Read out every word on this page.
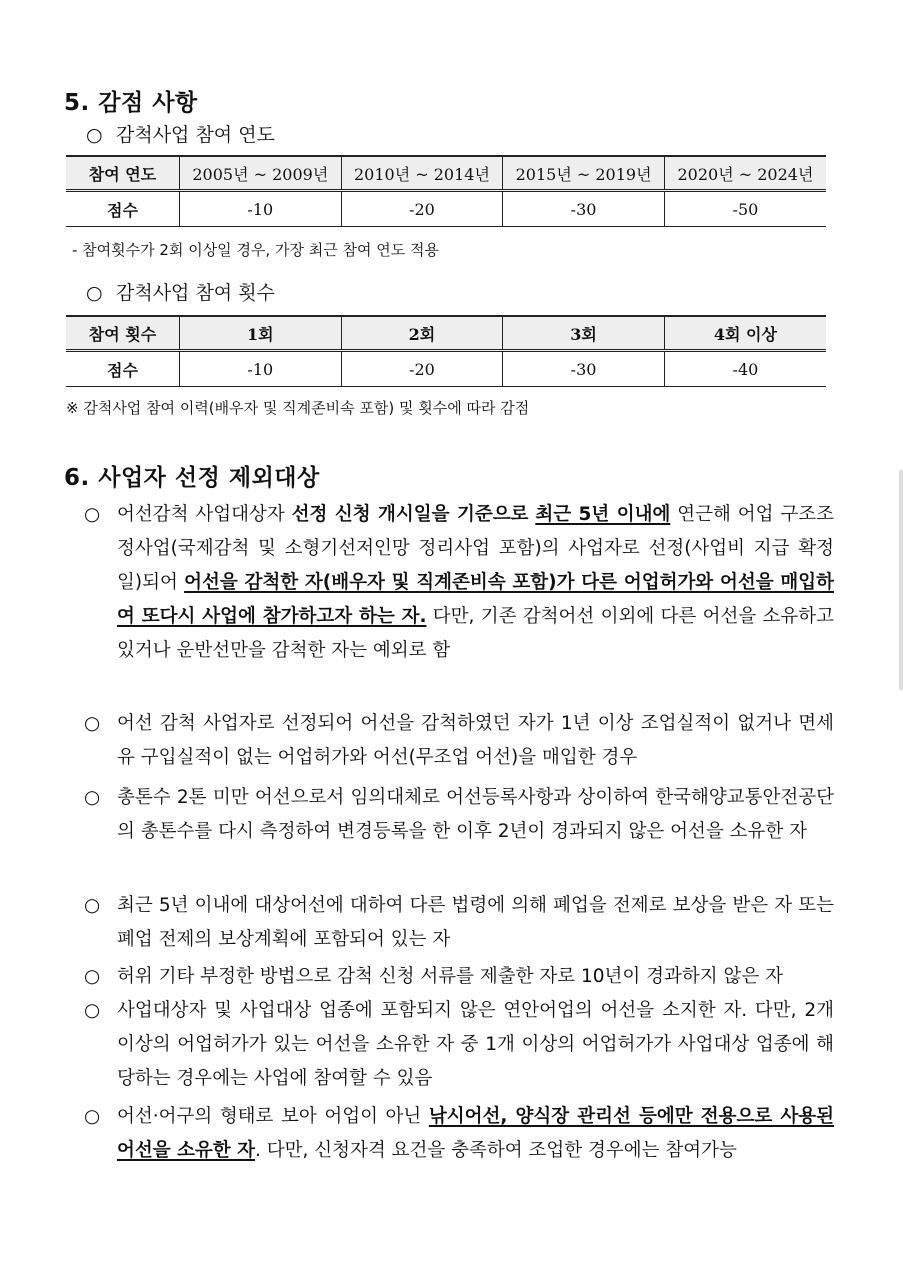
5. 감점 사항

○ 감척사업 참여 연도

참여 연도	2005년 ~ 2009년	2010년 ~ 2014년	2015년 ~ 2019년	2020년 ~ 2024년
점수	-10	-20	-30	-50

- 참여횟수가 2회 이상일 경우, 가장 최근 참여 연도 적용

○ 감척사업 참여 횟수

참여 횟수	1회	2회	3회	4회 이상
점수	-10	-20	-30	-40

※ 감척사업 참여 이력(배우자 및 직계존비속 포함) 및 횟수에 따라 감점

6. 사업자 선정 제외대상
○ 어선감척 사업대상자 선정 신청 개시일을 기준으로 최근 5년 이내에 연근해 어업 구조조정사업(국제감척 및 소형기선저인망 정리사업 포함)의 사업자로 선정(사업비 지급 확정일)되어 어선을 감척한 자(배우자 및 직계존비속 포함)가 다른 어업허가와 어선을 매입하여 또다시 사업에 참가하고자 하는 자. 다만, 기존 감척어선 이외에 다른 어선을 소유하고 있거나 운반선만을 감척한 자는 예외로 함
○ 어선 감척 사업자로 선정되어 어선을 감척하였던 자가 1년 이상 조업실적이 없거나 면세유 구입실적이 없는 어업허가와 어선(무조업 어선)을 매입한 경우
○ 총톤수 2톤 미만 어선으로서 임의대체로 어선등록사항과 상이하여 한국해양교통안전공단의 총톤수를 다시 측정하여 변경등록을 한 이후 2년이 경과되지 않은 어선을 소유한 자
○ 최근 5년 이내에 대상어선에 대하여 다른 법령에 의해 폐업을 전제로 보상을 받은 자 또는 폐업 전제의 보상계획에 포함되어 있는 자
○ 허위 기타 부정한 방법으로 감척 신청 서류를 제출한 자로 10년이 경과하지 않은 자
○ 사업대상자 및 사업대상 업종에 포함되지 않은 연안어업의 어선을 소지한 자. 다만, 2개 이상의 어업허가가 있는 어선을 소유한 자 중 1개 이상의 어업허가가 사업대상 업종에 해당하는 경우에는 사업에 참여할 수 있음
○ 어선·어구의 형태로 보아 어업이 아닌 낚시어선, 양식장 관리선 등에만 전용으로 사용된 어선을 소유한 자. 다만, 신청자격 요건을 충족하여 조업한 경우에는 참여가능
